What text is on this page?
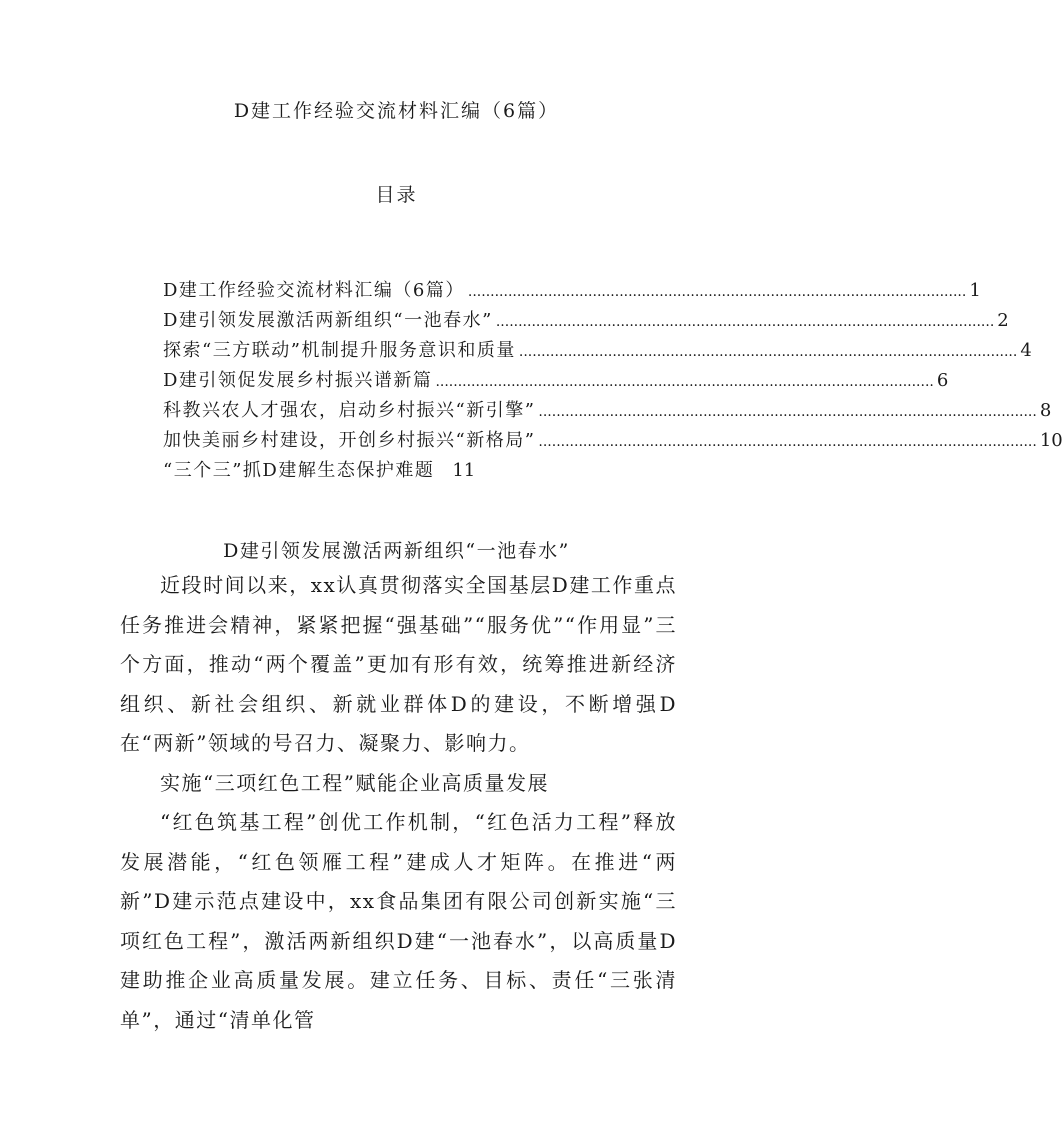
D建工作经验交流材料汇编（6篇）
目录
D建工作经验交流材料汇编（6篇） ................................................................................................................ 1
D建引领发展激活两新组织“一池春水” ................................................................................................................ 2
探索“三方联动”机制提升服务意识和质量 ................................................................................................................ 4
D建引领促发展乡村振兴谱新篇 ................................................................................................................ 6
科教兴农人才强农，启动乡村振兴“新引擎” ................................................................................................................ 8
加快美丽乡村建设，开创乡村振兴“新格局” ................................................................................................................ 10
“三个三”抓D建解生态保护难题 11
D建引领发展激活两新组织“一池春水”

近段时间以来，xx认真贯彻落实全国基层D建工作重点任务推进会精神，紧紧把握“强基础”“服务优”“作用显”三个方面，推动“两个覆盖”更加有形有效，统筹推进新经济组织、新社会组织、新就业群体D的建设，不断增强D在“两新”领域的号召力、凝聚力、影响力。

实施“三项红色工程”赋能企业高质量发展

“红色筑基工程”创优工作机制，“红色活力工程”释放发展潜能，“红色领雁工程”建成人才矩阵。在推进“两新”D建示范点建设中，xx食品集团有限公司创新实施“三项红色工程”，激活两新组织D建“一池春水”，以高质量D建助推企业高质量发展。建立任务、目标、责任“三张清单”，通过“清单化管
